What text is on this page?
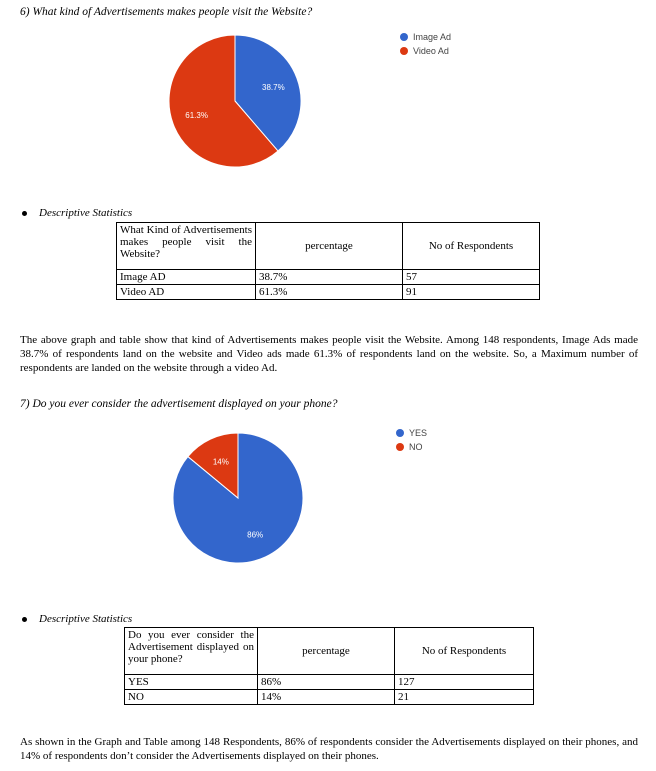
6) What kind of Advertisements makes people visit the Website?
38.7%
61.3%
Image Ad
Video Ad
Descriptive Statistics
What Kind of Advertisements makes people visit the Website?	percentage	No of Respondents
Image AD	38.7%	57
Video AD	61.3%	91
The above graph and table show that kind of Advertisements makes people visit the Website. Among 148 respondents, Image Ads made 38.7% of respondents land on the website and Video ads made 61.3% of respondents land on the website. So, a Maximum number of respondents are landed on the website through a video Ad.
7) Do you ever consider the advertisement displayed on your phone?
86%
14%
YES
NO
Descriptive Statistics
Do you ever consider the Advertisement displayed on your phone?	percentage	No of Respondents
YES	86%	127
NO	14%	21
As shown in the Graph and Table among 148 Respondents, 86% of respondents consider the Advertisements displayed on their phones, and 14% of respondents don’t consider the Advertisements displayed on their phones.
